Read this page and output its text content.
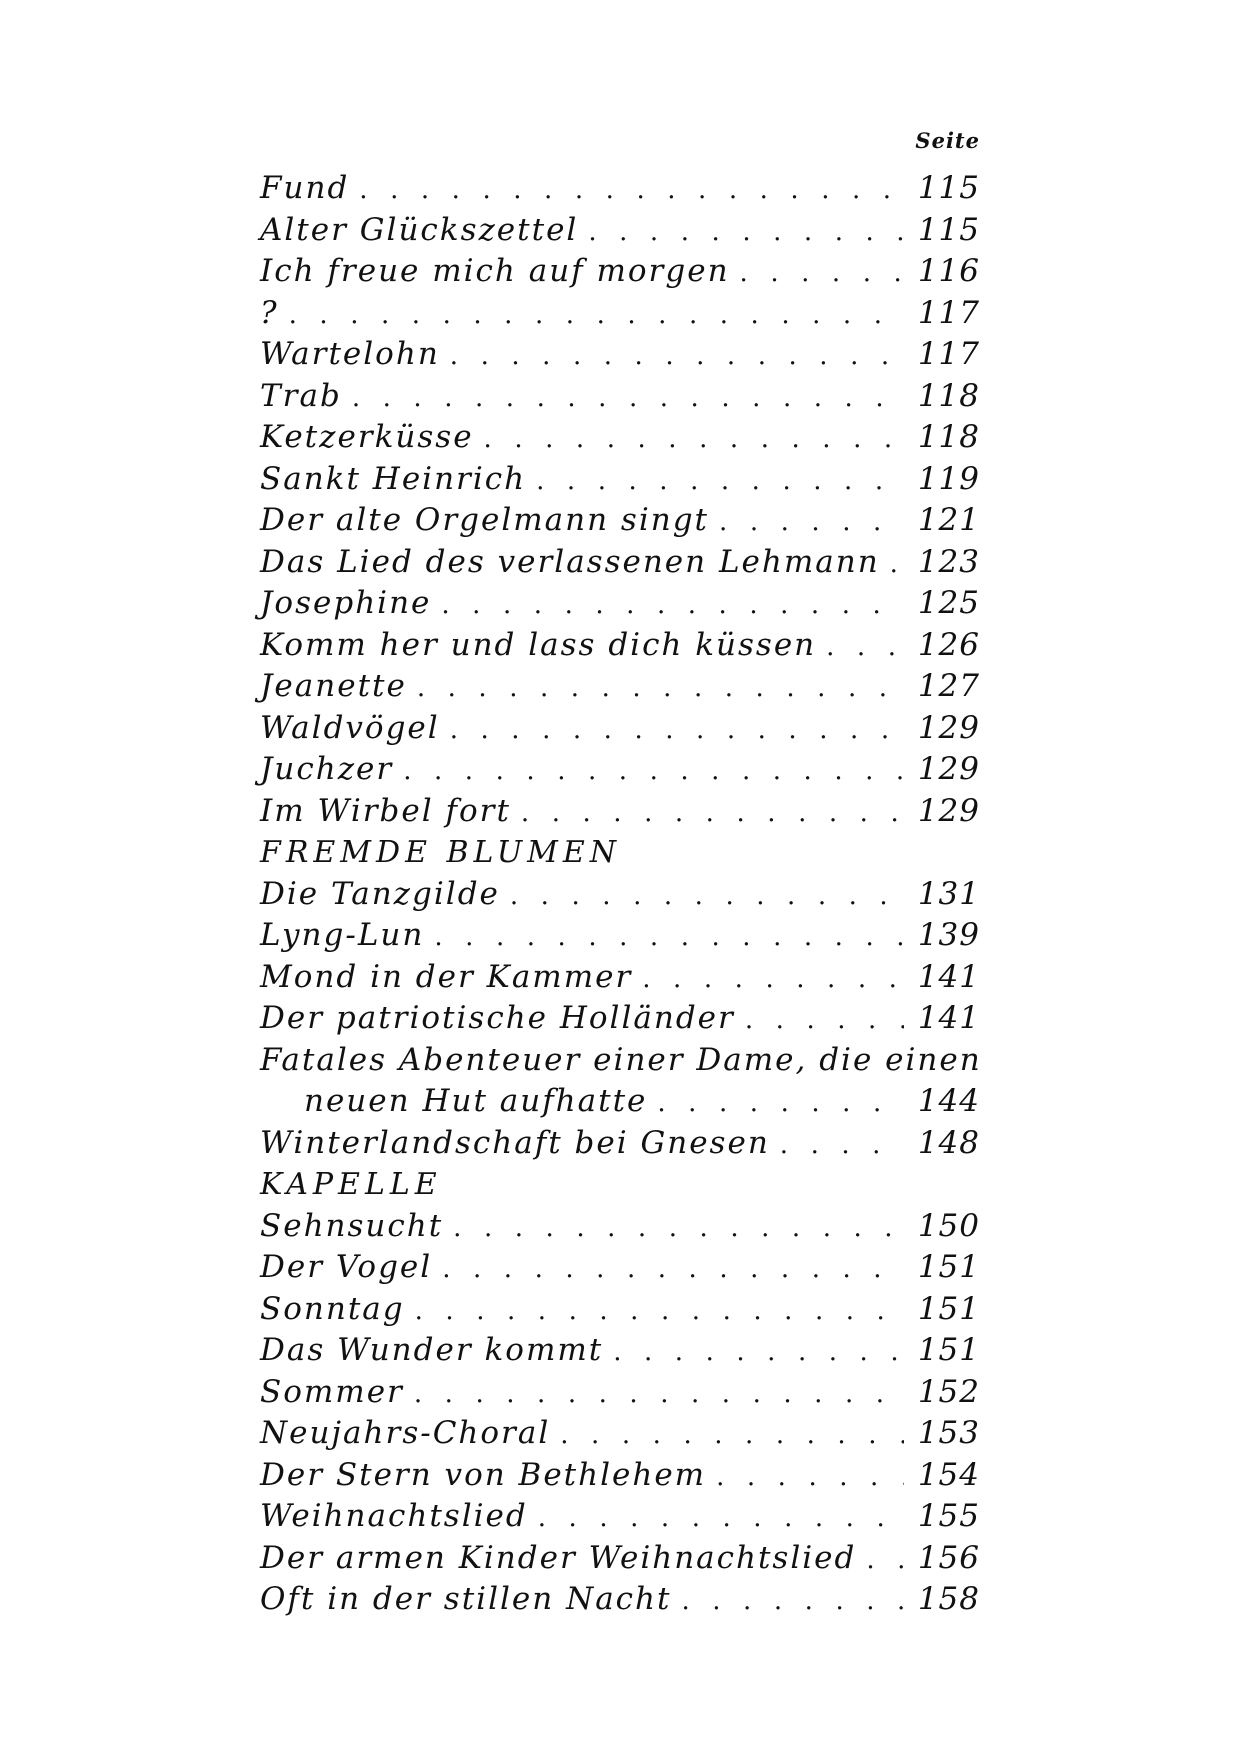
Seite
Fund . .	115
Alter Glückszettel . .	115
Ich freue mich auf morgen . .	116
? . .	117
Wartelohn . .	117
Trab . .	118
Ketzerküsse . .	118
Sankt Heinrich . .	119
Der alte Orgelmann singt . .	121
Das Lied des verlassenen Lehmann . .	123
Josephine . .	125
Komm her und lass dich küssen . .	126
Jeanette . .	127
Waldvögel . .	129
Juchzer . .	129
Im Wirbel fort . .	129
FREMDE BLUMEN
Die Tanzgilde . .	131
Lyng-Lun . .	139
Mond in der Kammer . .	141
Der patriotische Holländer . .	141
Fatales Abenteuer einer Dame, die einen
neuen Hut aufhatte . .	144
Winterlandschaft bei Gnesen . .	148
KAPELLE
Sehnsucht . .	150
Der Vogel . .	151
Sonntag . .	151
Das Wunder kommt . .	151
Sommer . .	152
Neujahrs-Choral . .	153
Der Stern von Bethlehem . .	154
Weihnachtslied . .	155
Der armen Kinder Weihnachtslied . .	156
Oft in der stillen Nacht . .	158
